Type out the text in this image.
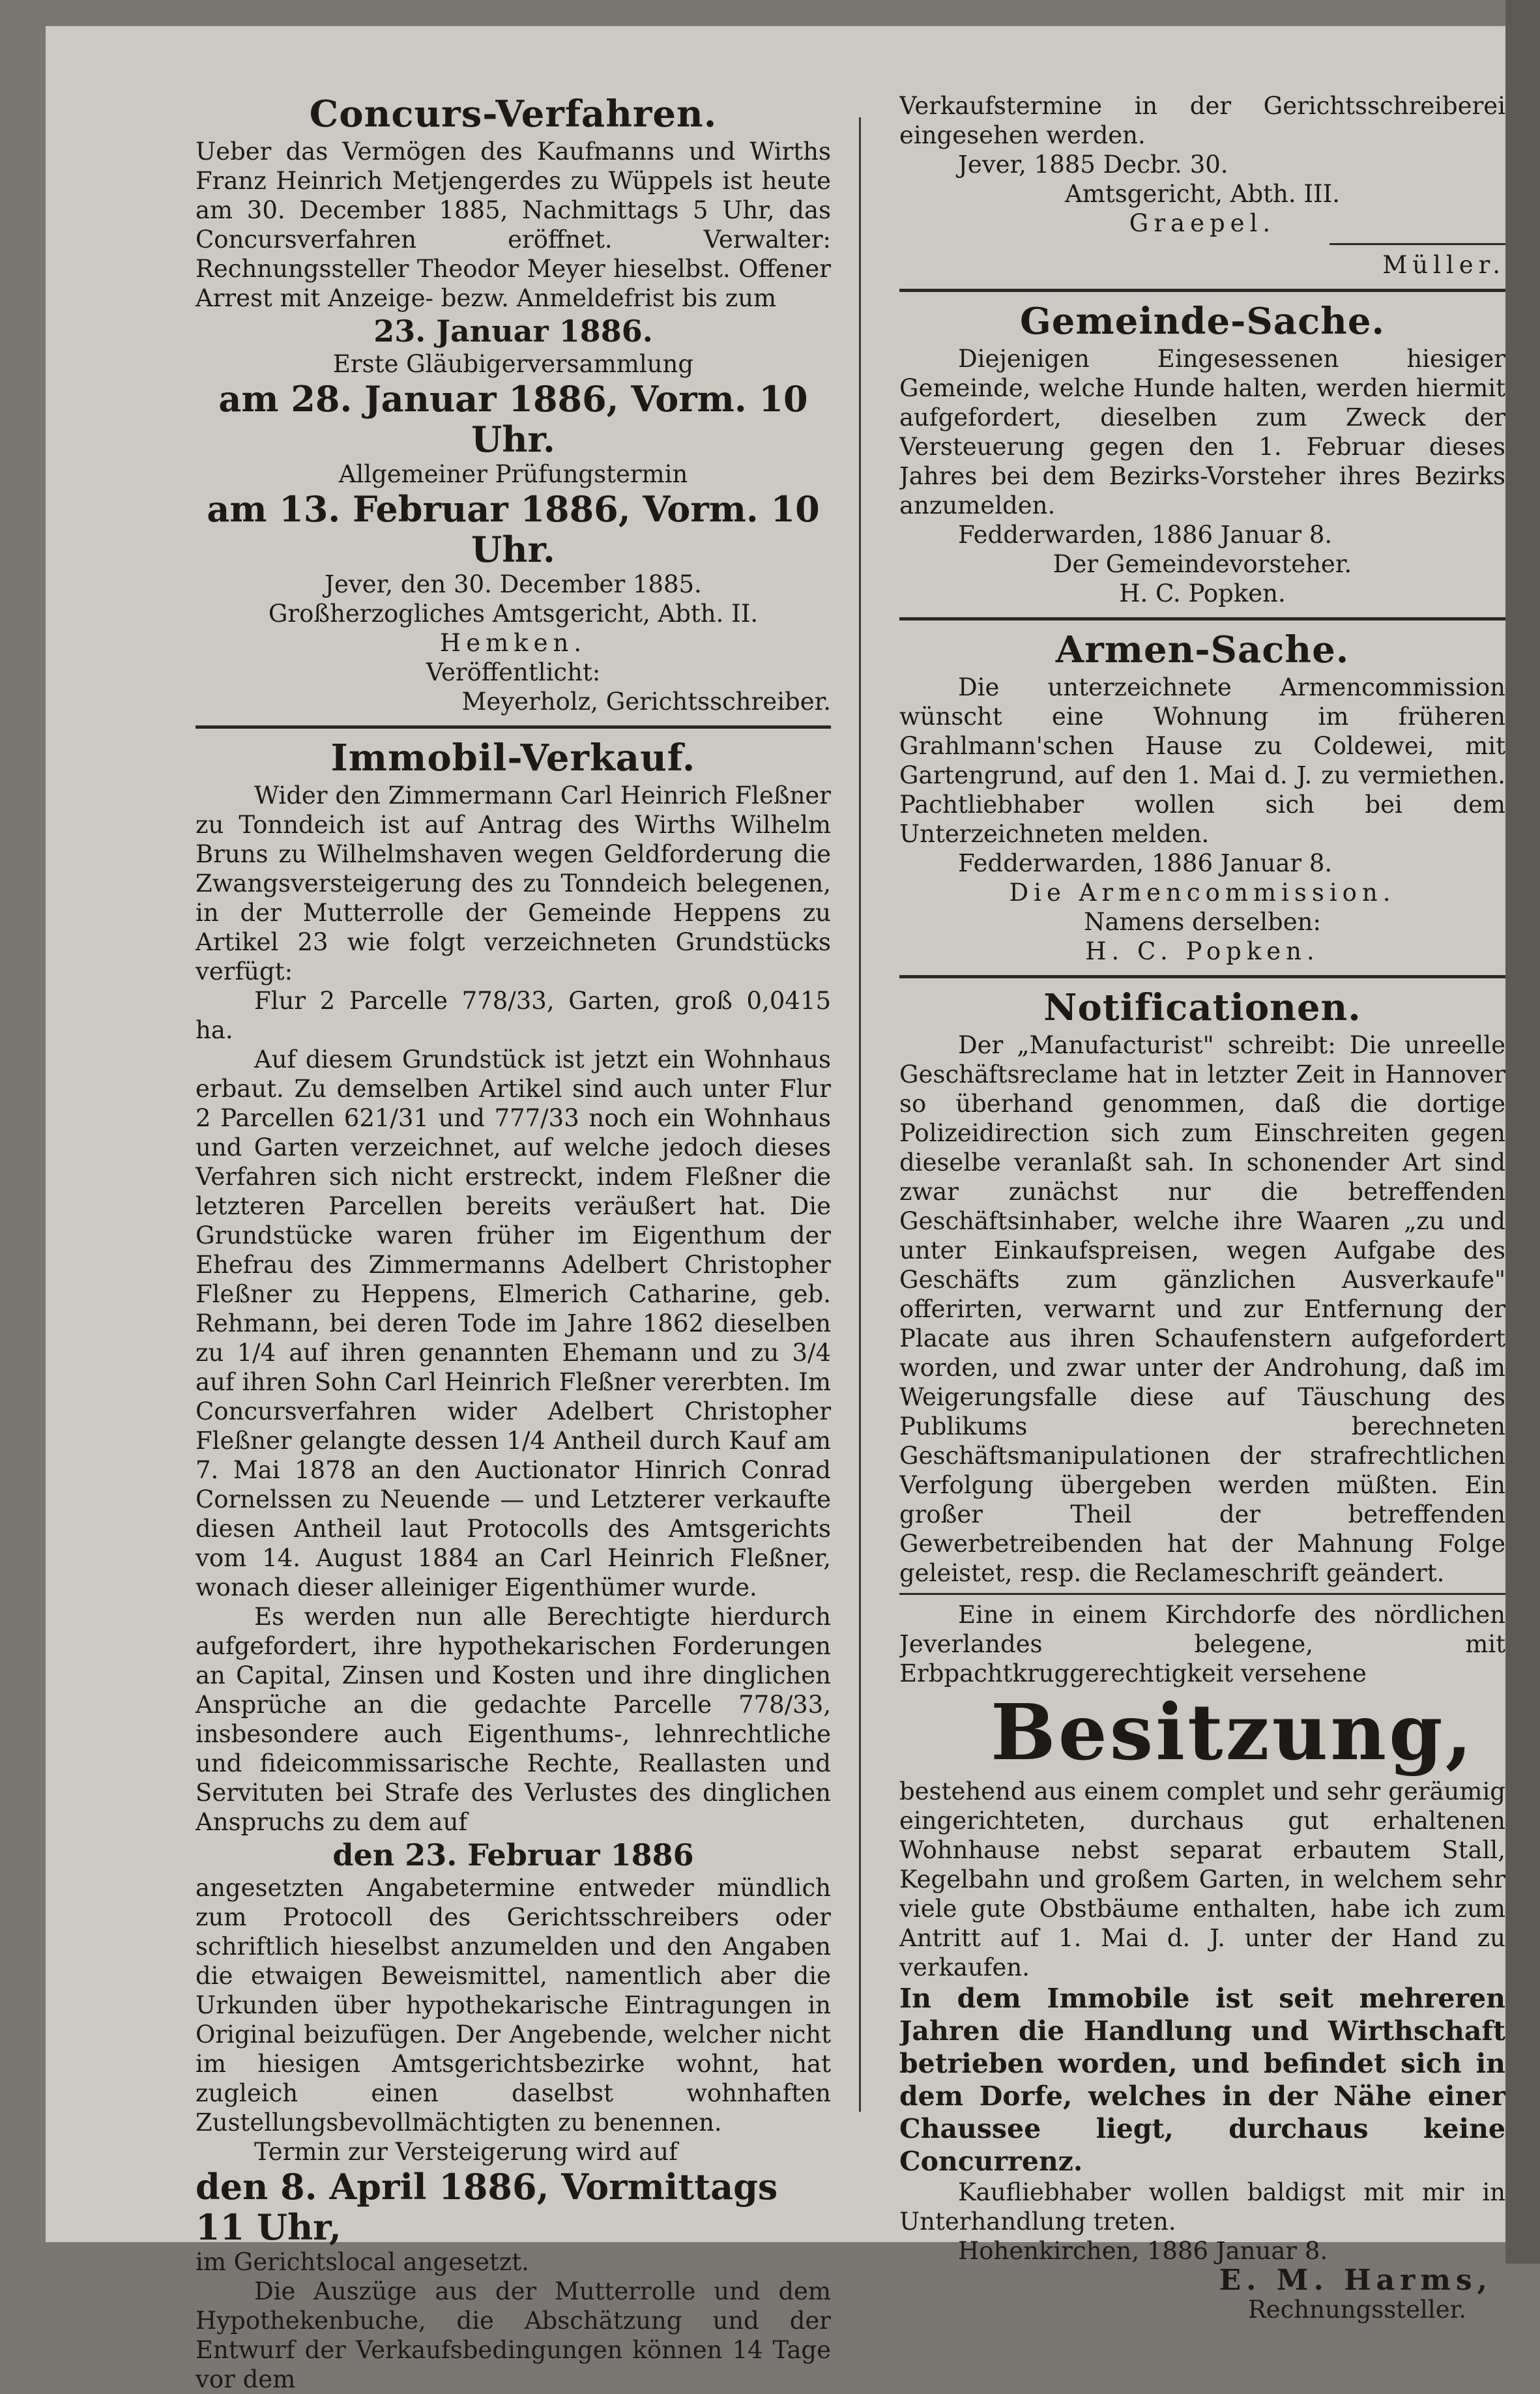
Concurs-Verfahren.

Ueber das Vermögen des Kaufmanns und Wirths Franz Heinrich Metjengerdes zu Wüppels ist heute am 30. December 1885, Nachmittags 5 Uhr, das Concursverfahren eröffnet. Verwalter: Rechnungssteller Theodor Meyer hieselbst. Offener Arrest mit Anzeige- bezw. Anmeldefrist bis zum

23. Januar 1886.

Erste Gläubigerversammlung

am 28. Januar 1886, Vorm. 10 Uhr.

Allgemeiner Prüfungstermin

am 13. Februar 1886, Vorm. 10 Uhr.

Jever, den 30. December 1885.

Großherzogliches Amtsgericht, Abth. II.

Hemken.

Veröffentlicht:

Meyerholz, Gerichtsschreiber.

Immobil-Verkauf.

Wider den Zimmermann Carl Heinrich Fleßner zu Tonndeich ist auf Antrag des Wirths Wilhelm Bruns zu Wilhelmshaven wegen Geldforderung die Zwangsversteigerung des zu Tonndeich belegenen, in der Mutterrolle der Gemeinde Heppens zu Artikel 23 wie folgt verzeichneten Grundstücks verfügt:

Flur 2 Parcelle 778/33, Garten, groß 0,0415 ha.

Auf diesem Grundstück ist jetzt ein Wohnhaus erbaut. Zu demselben Artikel sind auch unter Flur 2 Parcellen 621/31 und 777/33 noch ein Wohnhaus und Garten verzeichnet, auf welche jedoch dieses Verfahren sich nicht erstreckt, indem Fleßner die letzteren Parcellen bereits veräußert hat. Die Grundstücke waren früher im Eigenthum der Ehefrau des Zimmermanns Adelbert Christopher Fleßner zu Heppens, Elmerich Catharine, geb. Rehmann, bei deren Tode im Jahre 1862 dieselben zu 1/4 auf ihren genannten Ehemann und zu 3/4 auf ihren Sohn Carl Heinrich Fleßner vererbten. Im Concursverfahren wider Adelbert Christopher Fleßner gelangte dessen 1/4 Antheil durch Kauf am 7. Mai 1878 an den Auctionator Hinrich Conrad Cornelssen zu Neuende — und Letzterer verkaufte diesen Antheil laut Protocolls des Amtsgerichts vom 14. August 1884 an Carl Heinrich Fleßner, wonach dieser alleiniger Eigenthümer wurde.

Es werden nun alle Berechtigte hierdurch aufgefordert, ihre hypothekarischen Forderungen an Capital, Zinsen und Kosten und ihre dinglichen Ansprüche an die gedachte Parcelle 778/33, insbesondere auch Eigenthums-, lehnrechtliche und fideicommissarische Rechte, Reallasten und Servituten bei Strafe des Verlustes des dinglichen Anspruchs zu dem auf

den 23. Februar 1886

angesetzten Angabetermine entweder mündlich zum Protocoll des Gerichtsschreibers oder schriftlich hieselbst anzumelden und den Angaben die etwaigen Beweismittel, namentlich aber die Urkunden über hypothekarische Eintragungen in Original beizufügen. Der Angebende, welcher nicht im hiesigen Amtsgerichtsbezirke wohnt, hat zugleich einen daselbst wohnhaften Zustellungsbevollmächtigten zu benennen.

Termin zur Versteigerung wird auf

den 8. April 1886, Vormittags 11 Uhr,

im Gerichtslocal angesetzt.

Die Auszüge aus der Mutterrolle und dem Hypothekenbuche, die Abschätzung und der Entwurf der Verkaufsbedingungen können 14 Tage vor dem

Verkaufstermine in der Gerichtsschreiberei eingesehen werden.

Jever, 1885 Decbr. 30.

Amtsgericht, Abth. III.

Graepel.

Müller.

Gemeinde-Sache.

Diejenigen Eingesessenen hiesiger Gemeinde, welche Hunde halten, werden hiermit aufgefordert, dieselben zum Zweck der Versteuerung gegen den 1. Februar dieses Jahres bei dem Bezirks-Vorsteher ihres Bezirks anzumelden.

Fedderwarden, 1886 Januar 8.

Der Gemeindevorsteher.

H. C. Popken.

Armen-Sache.

Die unterzeichnete Armencommission wünscht eine Wohnung im früheren Grahlmann'schen Hause zu Coldewei, mit Gartengrund, auf den 1. Mai d. J. zu vermiethen. Pachtliebhaber wollen sich bei dem Unterzeichneten melden.

Fedderwarden, 1886 Januar 8.

Die Armencommission.

Namens derselben:

H. C. Popken.

Notificationen.

Der „Manufacturist" schreibt: Die unreelle Geschäftsreclame hat in letzter Zeit in Hannover so überhand genommen, daß die dortige Polizeidirection sich zum Einschreiten gegen dieselbe veranlaßt sah. In schonender Art sind zwar zunächst nur die betreffenden Geschäftsinhaber, welche ihre Waaren „zu und unter Einkaufspreisen, wegen Aufgabe des Geschäfts zum gänzlichen Ausverkaufe" offerirten, verwarnt und zur Entfernung der Placate aus ihren Schaufenstern aufgefordert worden, und zwar unter der Androhung, daß im Weigerungsfalle diese auf Täuschung des Publikums berechneten Geschäftsmanipulationen der strafrechtlichen Verfolgung übergeben werden müßten. Ein großer Theil der betreffenden Gewerbetreibenden hat der Mahnung Folge geleistet, resp. die Reclameschrift geändert.

Eine in einem Kirchdorfe des nördlichen Jeverlandes belegene, mit Erbpachtkruggerechtigkeit versehene

Besitzung,

bestehend aus einem complet und sehr geräumig eingerichteten, durchaus gut erhaltenen Wohnhause nebst separat erbautem Stall, Kegelbahn und großem Garten, in welchem sehr viele gute Obstbäume enthalten, habe ich zum Antritt auf 1. Mai d. J. unter der Hand zu verkaufen.

In dem Immobile ist seit mehreren Jahren die Handlung und Wirthschaft betrieben worden, und befindet sich in dem Dorfe, welches in der Nähe einer Chaussee liegt, durchaus keine Concurrenz.

Kaufliebhaber wollen baldigst mit mir in Unterhandlung treten.

Hohenkirchen, 1886 Januar 8.

E. M. Harms,

Rechnungssteller.
